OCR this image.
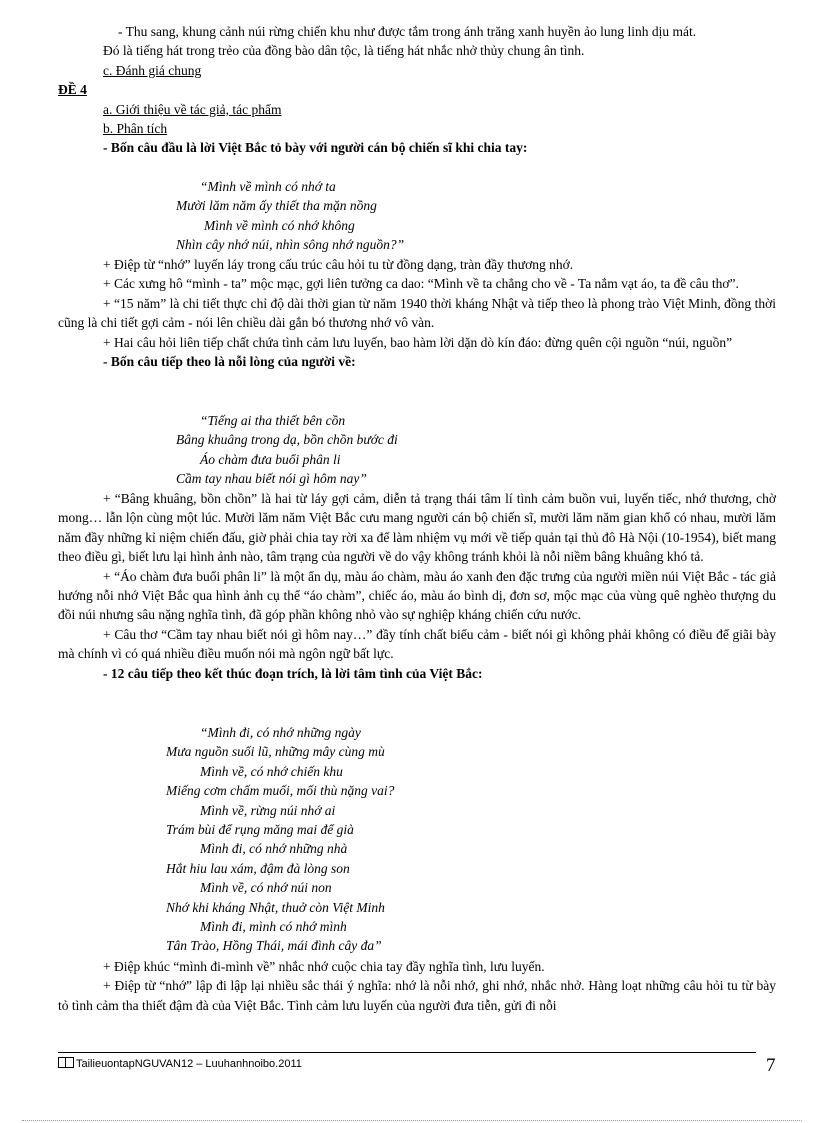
- Thu sang, khung cảnh núi rừng chiến khu như được tắm trong ánh trăng xanh huyền ảo lung linh dịu mát.

Đó là tiếng hát trong trẻo của đồng bào dân tộc, là tiếng hát nhắc nhở thủy chung ân tình.

c. Đánh giá chung

ĐỀ 4

a. Giới thiệu về tác giả, tác phẩm

b. Phân tích

- Bốn câu đầu là lời Việt Bắc tỏ bày với người cán bộ chiến sĩ khi chia tay:

“Mình về mình có nhớ ta

Mười lăm năm ấy thiết tha mặn nồng

Mình về mình có nhớ không

Nhìn cây nhớ núi, nhìn sông nhớ nguồn?”

+ Điệp từ “nhớ” luyến láy trong cấu trúc câu hỏi tu từ đồng dạng, tràn đầy thương nhớ.

+ Các xưng hô “mình - ta” mộc mạc, gợi liên tưởng ca dao: “Mình về ta chẳng cho về - Ta nắm vạt áo, ta đề câu thơ”.

+ “15 năm” là chi tiết thực chỉ độ dài thời gian từ năm 1940 thời kháng Nhật và tiếp theo là phong trào Việt Minh, đồng thời cũng là chi tiết gợi cảm - nói lên chiều dài gắn bó thương nhớ vô vàn.

+ Hai câu hỏi liên tiếp chất chứa tình cảm lưu luyến, bao hàm lời dặn dò kín đáo: đừng quên cội nguồn “núi, nguồn”

- Bốn câu tiếp theo là nỗi lòng của người về:

“Tiếng ai tha thiết bên cồn

Bâng khuâng trong dạ, bồn chồn bước đi

Áo chàm đưa buổi phân li

Cầm tay nhau biết nói gì hôm nay”

+ “Bâng khuâng, bồn chồn” là hai từ láy gợi cảm, diễn tả trạng thái tâm lí tình cảm buồn vui, luyến tiếc, nhớ thương, chờ mong… lẫn lộn cùng một lúc. Mười lăm năm Việt Bắc cưu mang người cán bộ chiến sĩ, mười lăm năm gian khổ có nhau, mười lăm năm đầy những kỉ niệm chiến đấu, giờ phải chia tay rời xa để làm nhiệm vụ mới về tiếp quản tại thủ đô Hà Nội (10-1954), biết mang theo điều gì, biết lưu lại hình ảnh nào, tâm trạng của người về do vậy không tránh khỏi là nỗi niềm bâng khuâng khó tả.

+ “Áo chàm đưa buổi phân li” là một ẩn dụ, màu áo chàm, màu áo xanh đen đặc trưng của người miền núi Việt Bắc - tác giả hướng nỗi nhớ Việt Bắc qua hình ảnh cụ thể “áo chàm”, chiếc áo, màu áo bình dị, đơn sơ, mộc mạc của vùng quê nghèo thượng du đồi núi nhưng sâu nặng nghĩa tình, đã góp phần không nhỏ vào sự nghiệp kháng chiến cứu nước.

+ Câu thơ “Cầm tay nhau biết nói gì hôm nay…” đầy tính chất biểu cảm - biết nói gì không phải không có điều để giãi bày mà chính vì có quá nhiều điều muốn nói mà ngôn ngữ bất lực.

- 12 câu tiếp theo kết thúc đoạn trích, là lời tâm tình của Việt Bắc:

“Mình đi, có nhớ những ngày

Mưa nguồn suối lũ, những mây cùng mù

Mình về, có nhớ chiến khu

Miếng cơm chấm muối, mối thù nặng vai?

Mình về, rừng núi nhớ ai

Trám bùi để rụng măng mai để già

Mình đi, có nhớ những nhà

Hắt hiu lau xám, đậm đà lòng son

Mình về, có nhớ núi non

Nhớ khi kháng Nhật, thuở còn Việt Minh

Mình đi, mình có nhớ mình

Tân Trào, Hồng Thái, mái đình cây đa”

+ Điệp khúc “mình đi-mình về” nhắc nhớ cuộc chia tay đầy nghĩa tình, lưu luyến.

+ Điệp từ “nhớ” lập đi lập lại nhiều sắc thái ý nghĩa: nhớ là nỗi nhớ, ghi nhớ, nhắc nhở. Hàng loạt những câu hỏi tu từ bày tỏ tình cảm tha thiết đậm đà của Việt Bắc. Tình cảm lưu luyến của người đưa tiễn, gửi đi nỗi

TailieuontapNGUVAN12 – Luuhanhnoibo.2011	7
